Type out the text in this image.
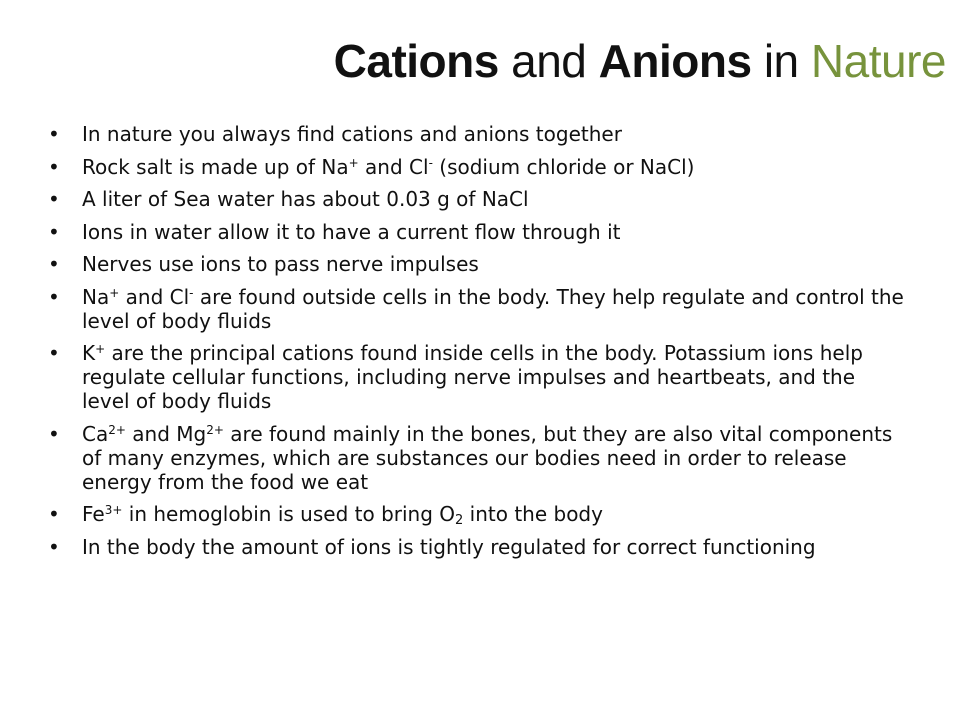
Cations and Anions in Nature
• In nature you always find cations and anions together
• Rock salt is made up of Na+ and Cl- (sodium chloride or NaCl)
• A liter of Sea water has about 0.03 g of NaCl
• Ions in water allow it to have a current flow through it
• Nerves use ions to pass nerve impulses
• Na+ and Cl- are found outside cells in the body. They help regulate and control the level of body fluids
• K+ are the principal cations found inside cells in the body. Potassium ions help regulate cellular functions, including nerve impulses and heartbeats, and the level of body fluids
• $Ca^{2+}$ and $Mg^{2+}$ are found mainly in the bones, but they are also vital components of many enzymes, which are substances our bodies need in order to release energy from the food we eat
• $Fe^{3+}$ in hemoglobin is used to bring $O_2$ into the body
• In the body the amount of ions is tightly regulated for correct functioning
